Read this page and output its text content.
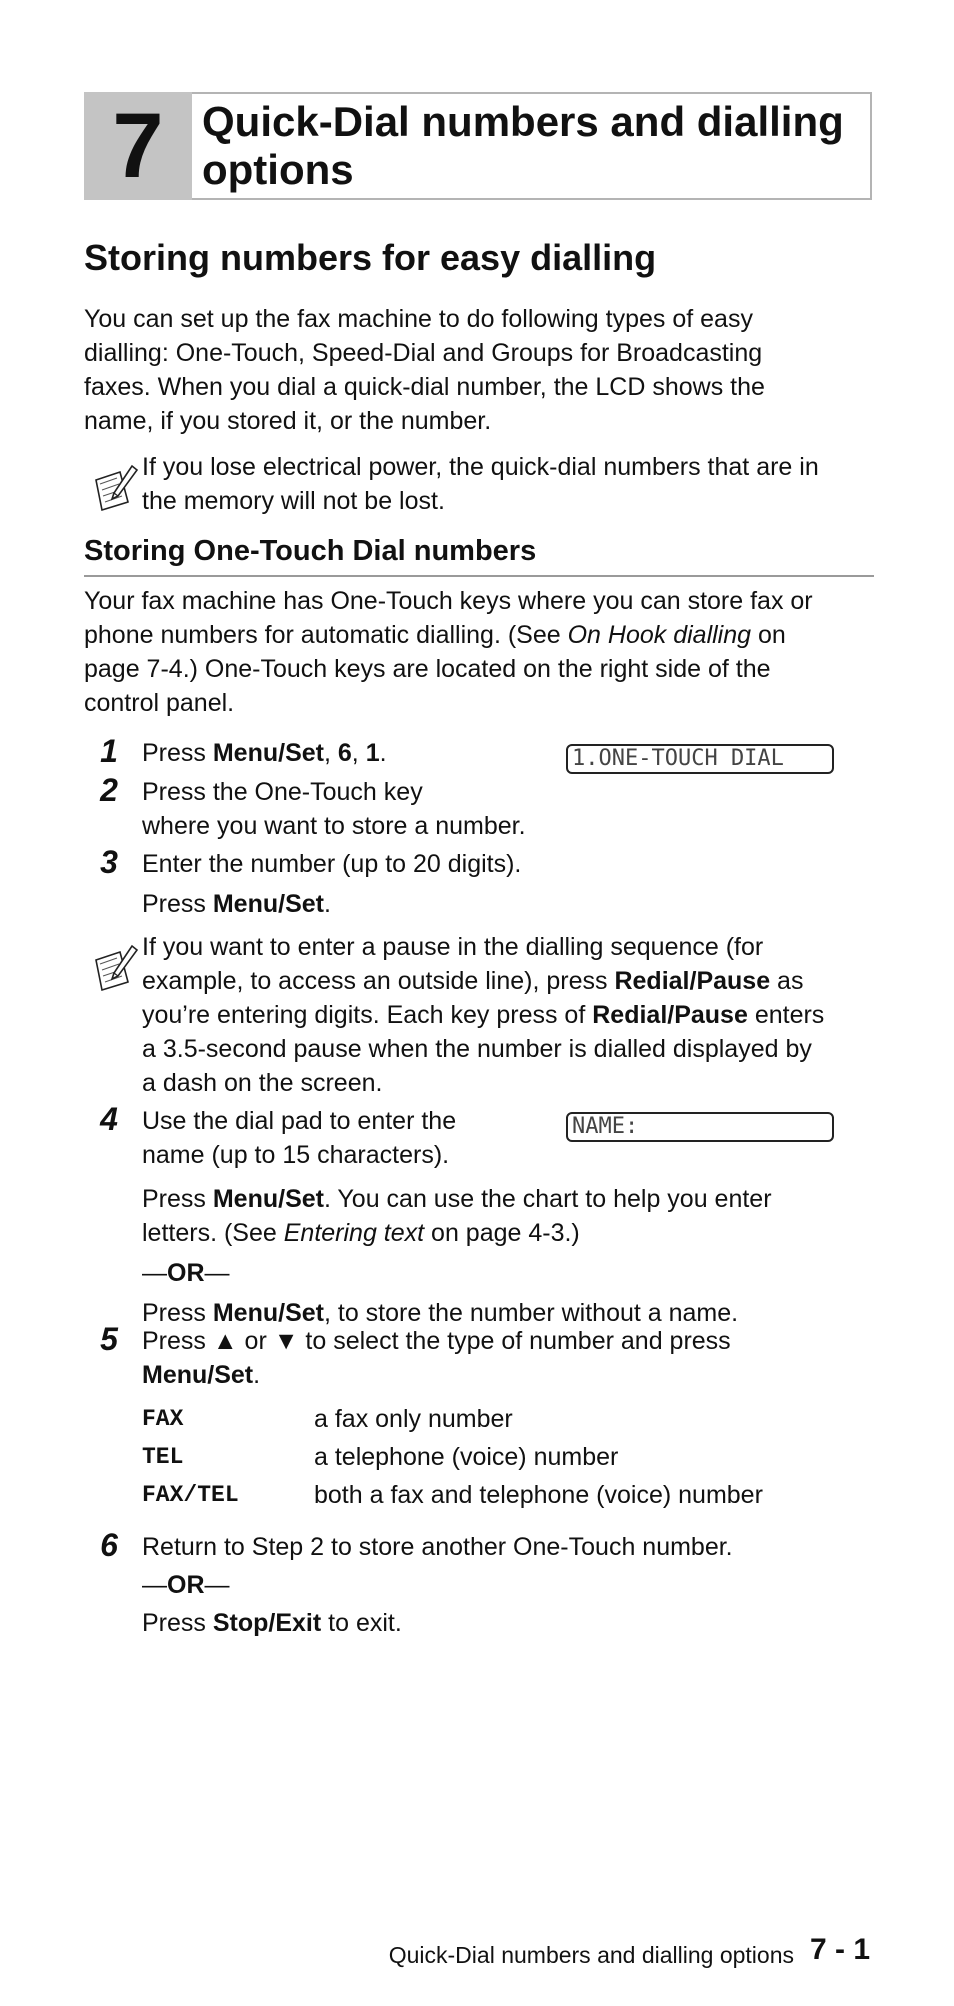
7 Quick-Dial numbers and dialling
options
Storing numbers for easy dialling
You can set up the fax machine to do following types of easy
dialling: One-Touch, Speed-Dial and Groups for Broadcasting
faxes. When you dial a quick-dial number, the LCD shows the
name, if you stored it, or the number.
If you lose electrical power, the quick-dial numbers that are in
the memory will not be lost.
Storing One-Touch Dial numbers
Your fax machine has One-Touch keys where you can store fax or
phone numbers for automatic dialling. (See On Hook dialling on
page 7-4.) One-Touch keys are located on the right side of the
control panel.
1 Press Menu/Set, 6, 1.	1.ONE-TOUCH DIAL
2 Press the One-Touch key
where you want to store a number.
3 Enter the number (up to 20 digits).
Press Menu/Set.
If you want to enter a pause in the dialling sequence (for
example, to access an outside line), press Redial/Pause as
you’re entering digits. Each key press of Redial/Pause enters
a 3.5-second pause when the number is dialled displayed by
a dash on the screen.
4 Use the dial pad to enter the
name (up to 15 characters).
NAME:
Press Menu/Set. You can use the chart to help you enter
letters. (See Entering text on page 4-3.)
—OR—
Press Menu/Set, to store the number without a name.
5 Press ▲ or ▼ to select the type of number and press
Menu/Set.
FAX	a fax only number
TEL	a telephone (voice) number
FAX/TEL	both a fax and telephone (voice) number
6 Return to Step 2 to store another One-Touch number.
—OR—
Press Stop/Exit to exit.
Quick-Dial numbers and dialling options 7 - 1
